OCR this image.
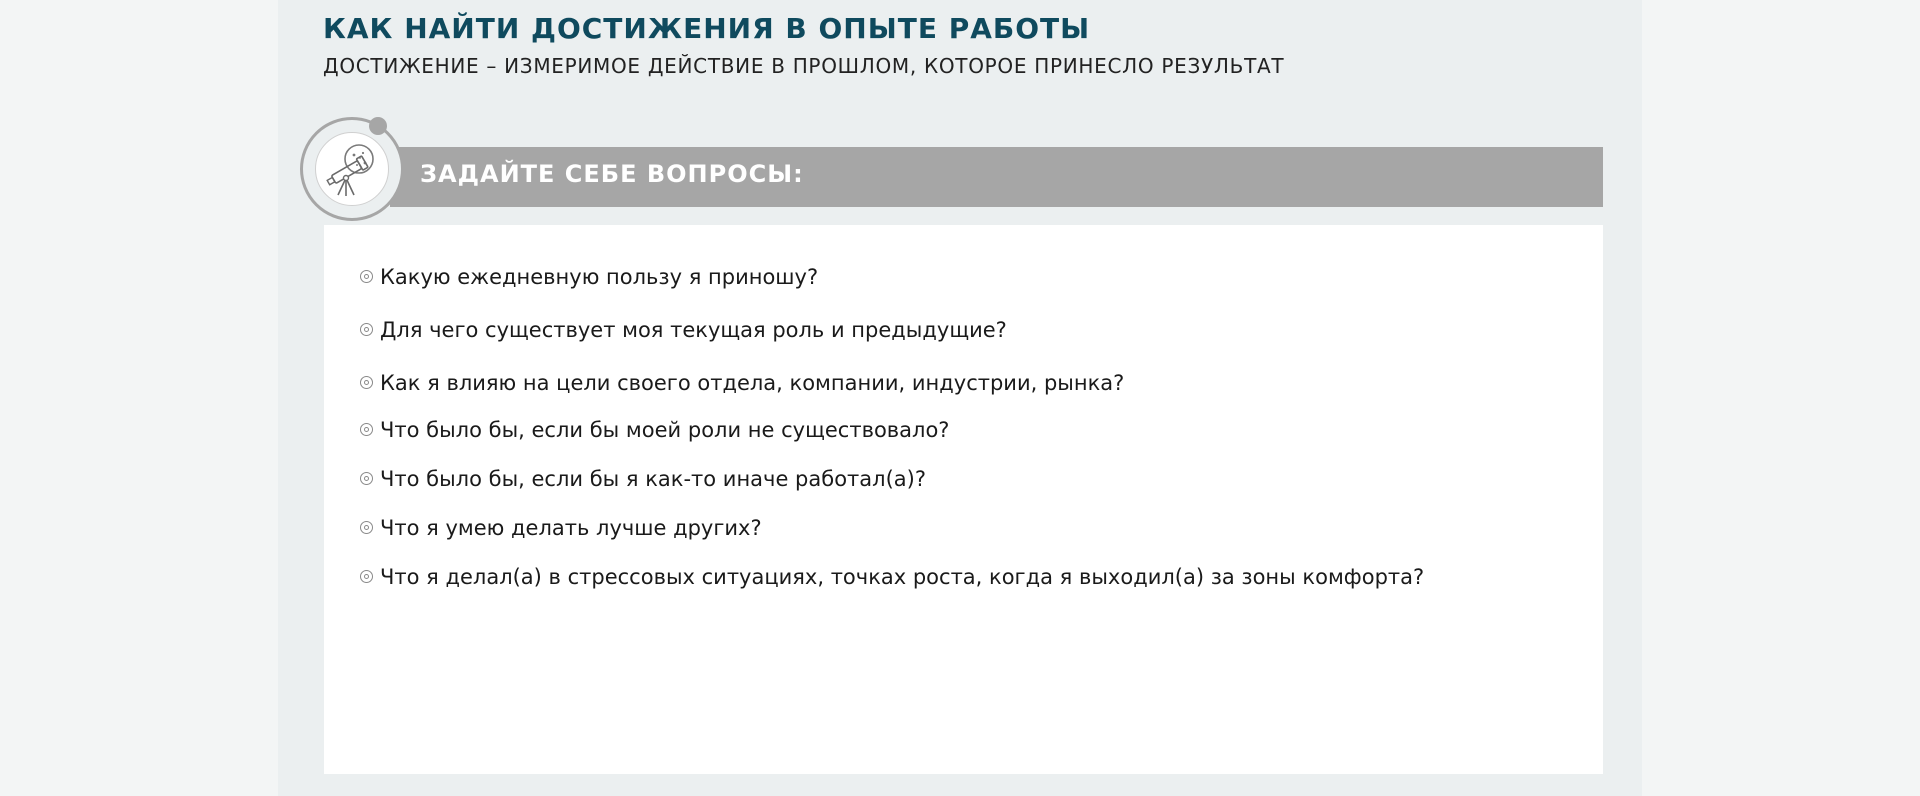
КАК НАЙТИ ДОСТИЖЕНИЯ В ОПЫТЕ РАБОТЫ

ДОСТИЖЕНИЕ – ИЗМЕРИМОЕ ДЕЙСТВИЕ В ПРОШЛОМ, КОТОРОЕ ПРИНЕСЛО РЕЗУЛЬТАТ

ЗАДАЙТЕ СЕБЕ ВОПРОСЫ:
Какую ежедневную пользу я приношу?
Для чего существует моя текущая роль и предыдущие?
Как я влияю на цели своего отдела, компании, индустрии, рынка?
Что было бы, если бы моей роли не существовало?
Что было бы, если бы я как-то иначе работал(а)?
Что я умею делать лучше других?
Что я делал(а) в стрессовых ситуациях, точках роста, когда я выходил(а) за зоны комфорта?
